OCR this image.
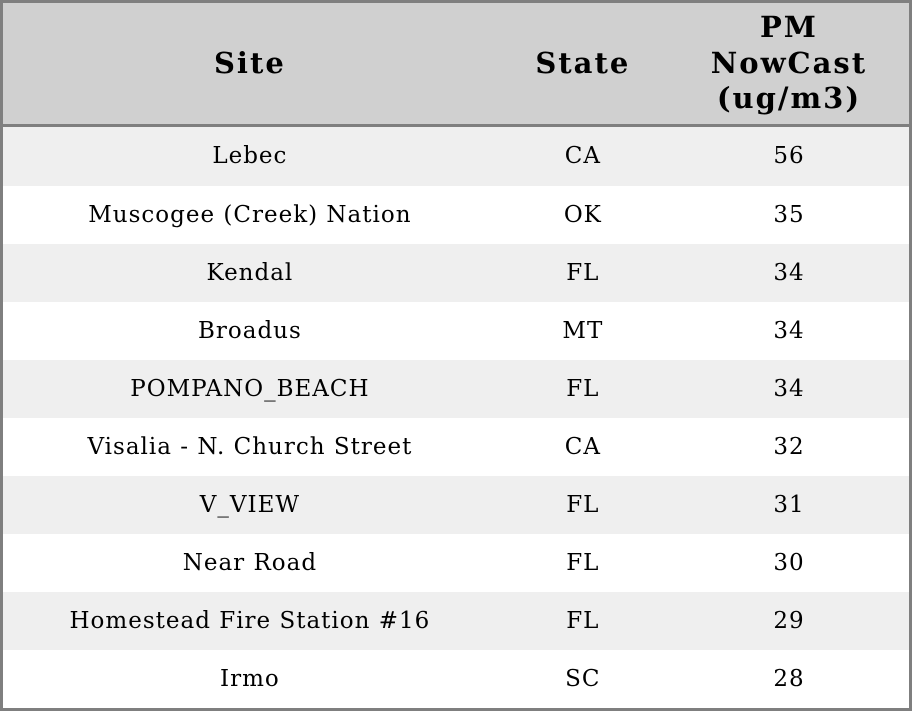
Site	State	PM NowCast (ug/m3)
Lebec	CA	56
Muscogee (Creek) Nation	OK	35
Kendal	FL	34
Broadus	MT	34
POMPANO_BEACH	FL	34
Visalia - N. Church Street	CA	32
V_VIEW	FL	31
Near Road	FL	30
Homestead Fire Station #16	FL	29
Irmo	SC	28
